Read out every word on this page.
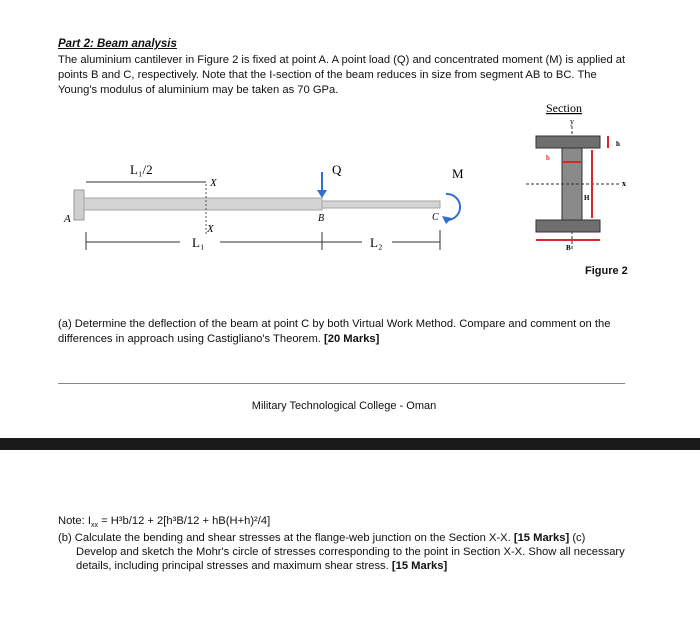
Part 2: Beam analysis
The aluminium cantilever in Figure 2 is fixed at point A. A point load (Q) and concentrated moment (M) is applied at points B and C, respectively. Note that the I-section of the beam reduces in size from segment AB to BC. The Young's modulus of aluminium may be taken as 70 GPa.
A
L₁/2
X
X
Q
B
M
C
L₁	L₂
Section
y
x
b
h
H
B
Figure 2
(a) Determine the deflection of the beam at point C by both Virtual Work Method. Compare and comment on the differences in approach using Castigliano's Theorem. [20 Marks]
Military Technological College - Oman
Note: $I_{xx} = H^3b/12 + 2[h^3B/12 + hB(H+h)^2/4]$
(b) Calculate the bending and shear stresses at the flange-web junction on the Section X-X. [15 Marks] (c)
Develop and sketch the Mohr's circle of stresses corresponding to the point in Section X-X. Show all necessary details, including principal stresses and maximum shear stress. [15 Marks]
